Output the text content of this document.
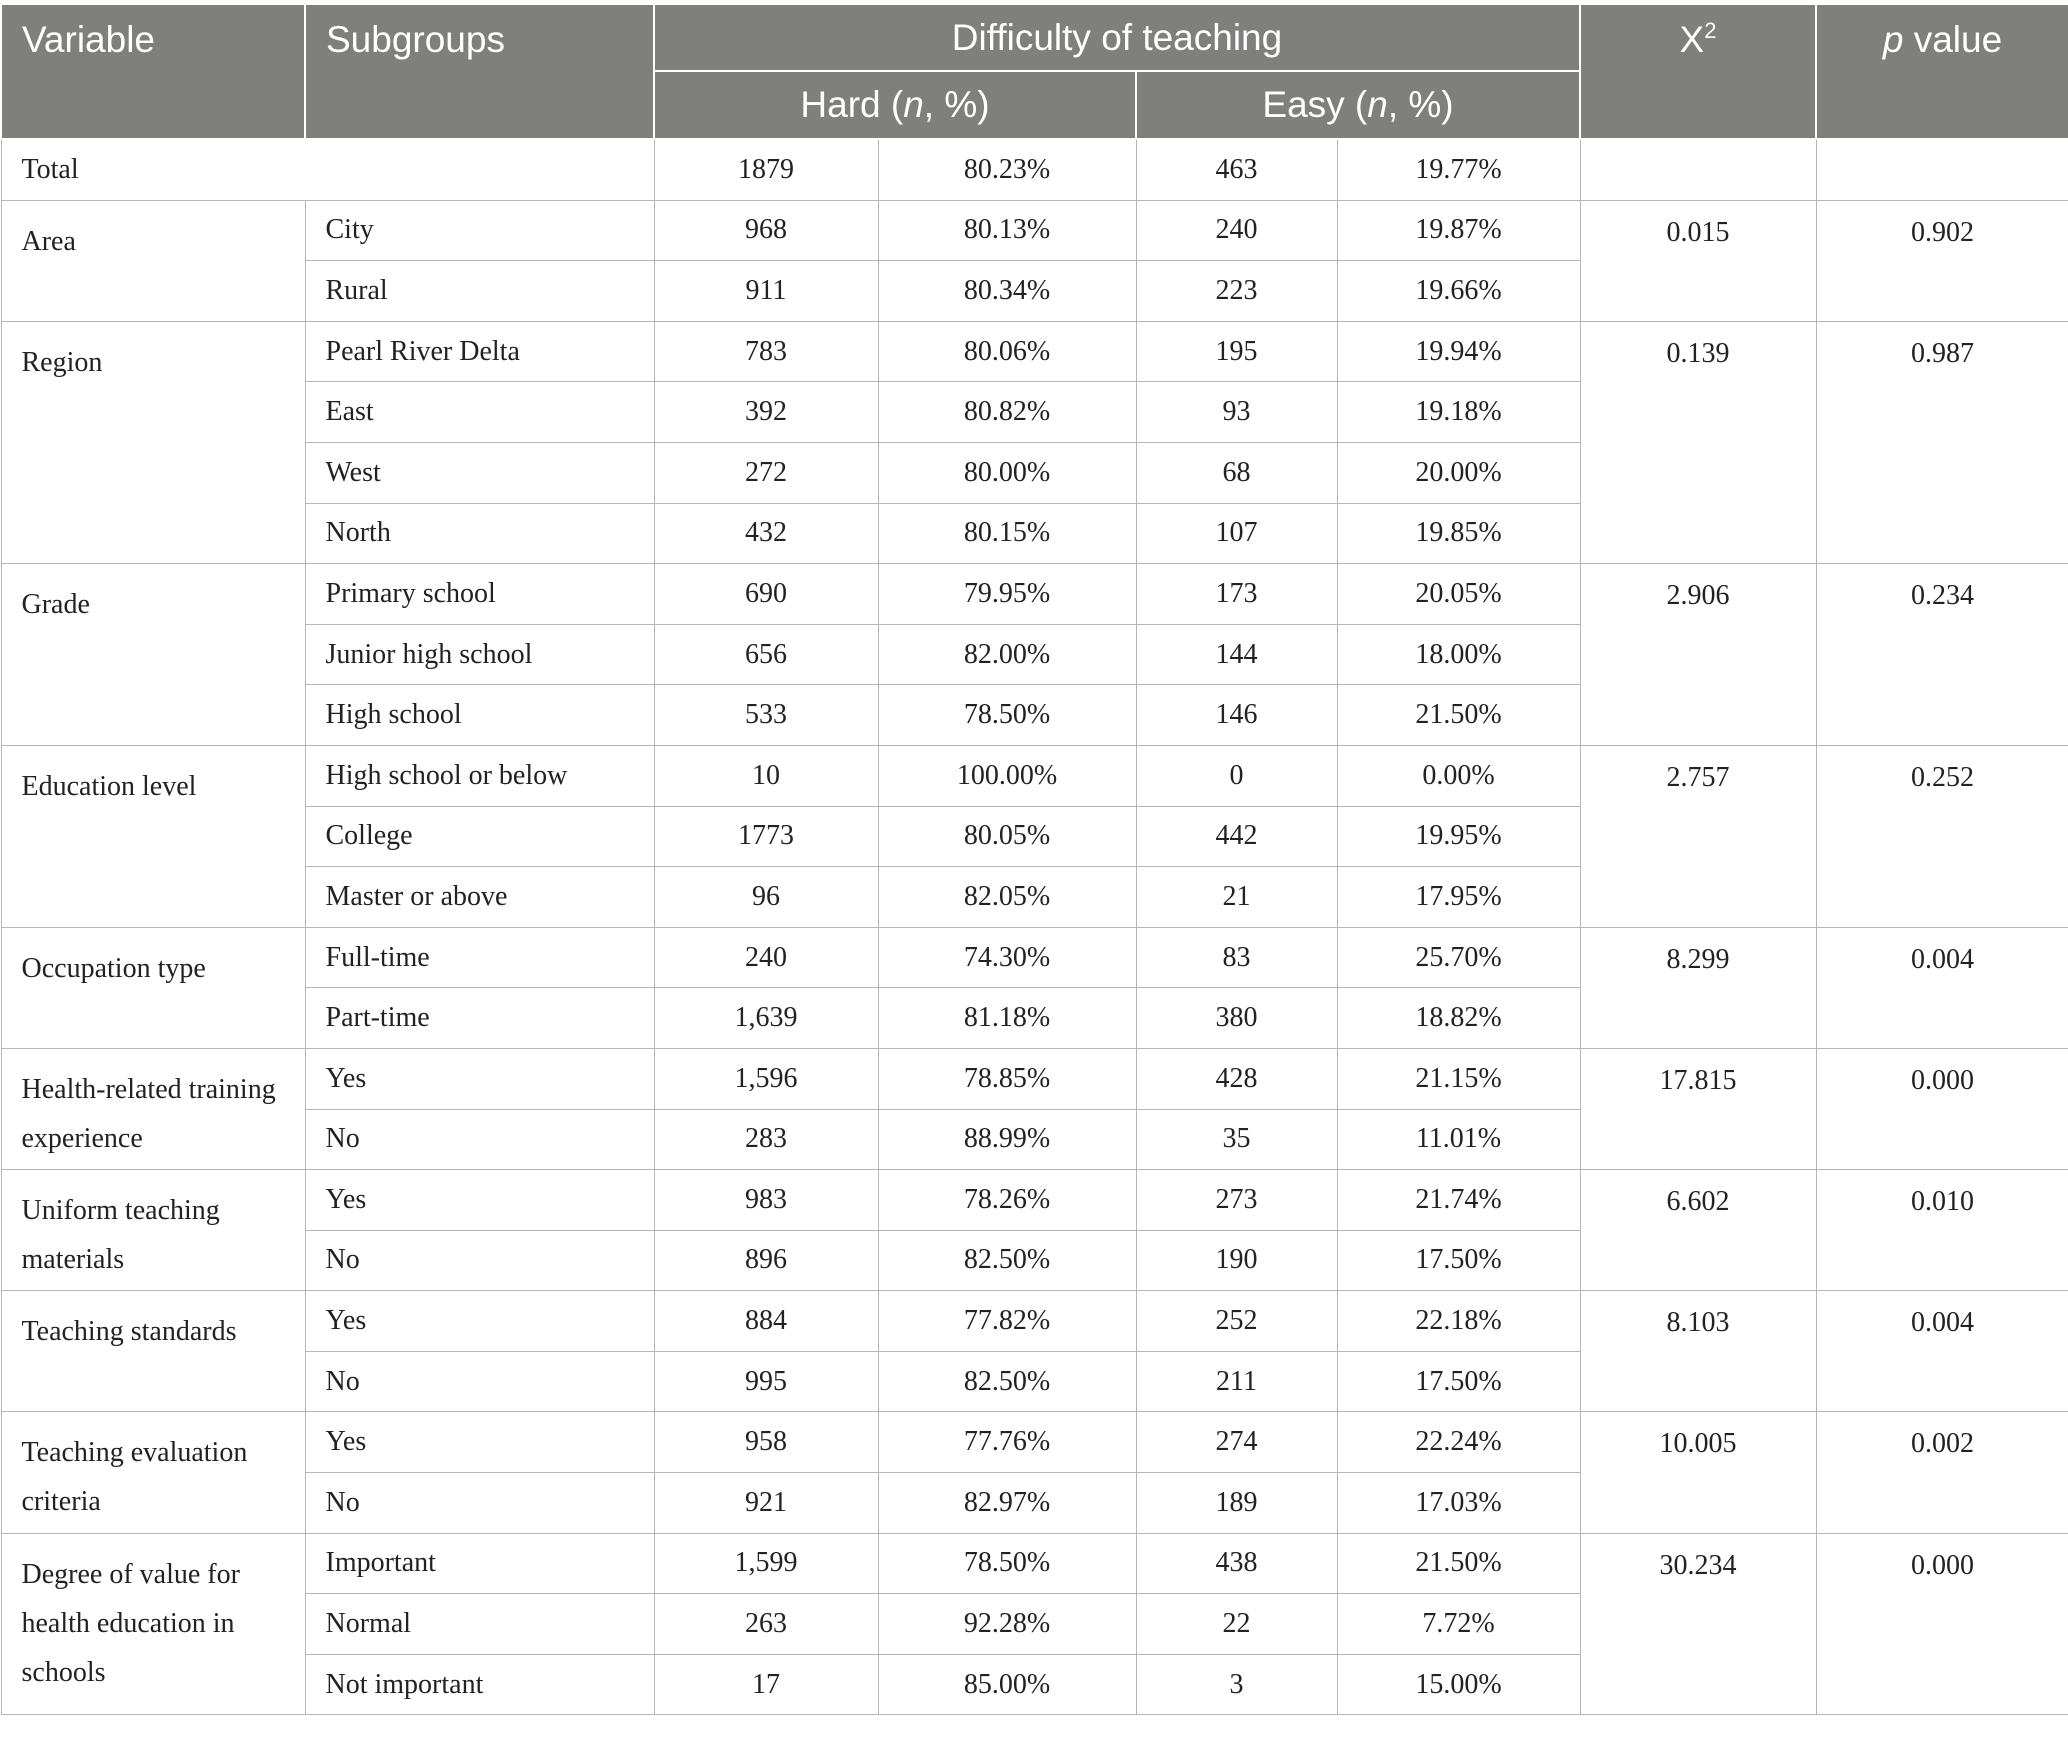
Variable	Subgroups	Difficulty of teaching				$X^2$	p value
		Hard (n, %)		Easy (n, %)			
Total		1879	80.23%	463	19.77%		
Area	City	968	80.13%	240	19.87%	0.015	0.902
	Rural	911	80.34%	223	19.66%		
Region	Pearl River Delta	783	80.06%	195	19.94%	0.139	0.987
	East	392	80.82%	93	19.18%		
	West	272	80.00%	68	20.00%		
	North	432	80.15%	107	19.85%		
Grade	Primary school	690	79.95%	173	20.05%	2.906	0.234
	Junior high school	656	82.00%	144	18.00%		
	High school	533	78.50%	146	21.50%		
Education level	High school or below	10	100.00%	0	0.00%	2.757	0.252
	College	1773	80.05%	442	19.95%		
	Master or above	96	82.05%	21	17.95%		
Occupation type	Full-time	240	74.30%	83	25.70%	8.299	0.004
	Part-time	1,639	81.18%	380	18.82%		
Health-related training experience	Yes	1,596	78.85%	428	21.15%	17.815	0.000
	No	283	88.99%	35	11.01%		
Uniform teaching materials	Yes	983	78.26%	273	21.74%	6.602	0.010
	No	896	82.50%	190	17.50%		
Teaching standards	Yes	884	77.82%	252	22.18%	8.103	0.004
	No	995	82.50%	211	17.50%		
Teaching evaluation criteria	Yes	958	77.76%	274	22.24%	10.005	0.002
	No	921	82.97%	189	17.03%		
Degree of value for health education in schools	Important	1,599	78.50%	438	21.50%	30.234	0.000
	Normal	263	92.28%	22	7.72%		
	Not important	17	85.00%	3	15.00%		
